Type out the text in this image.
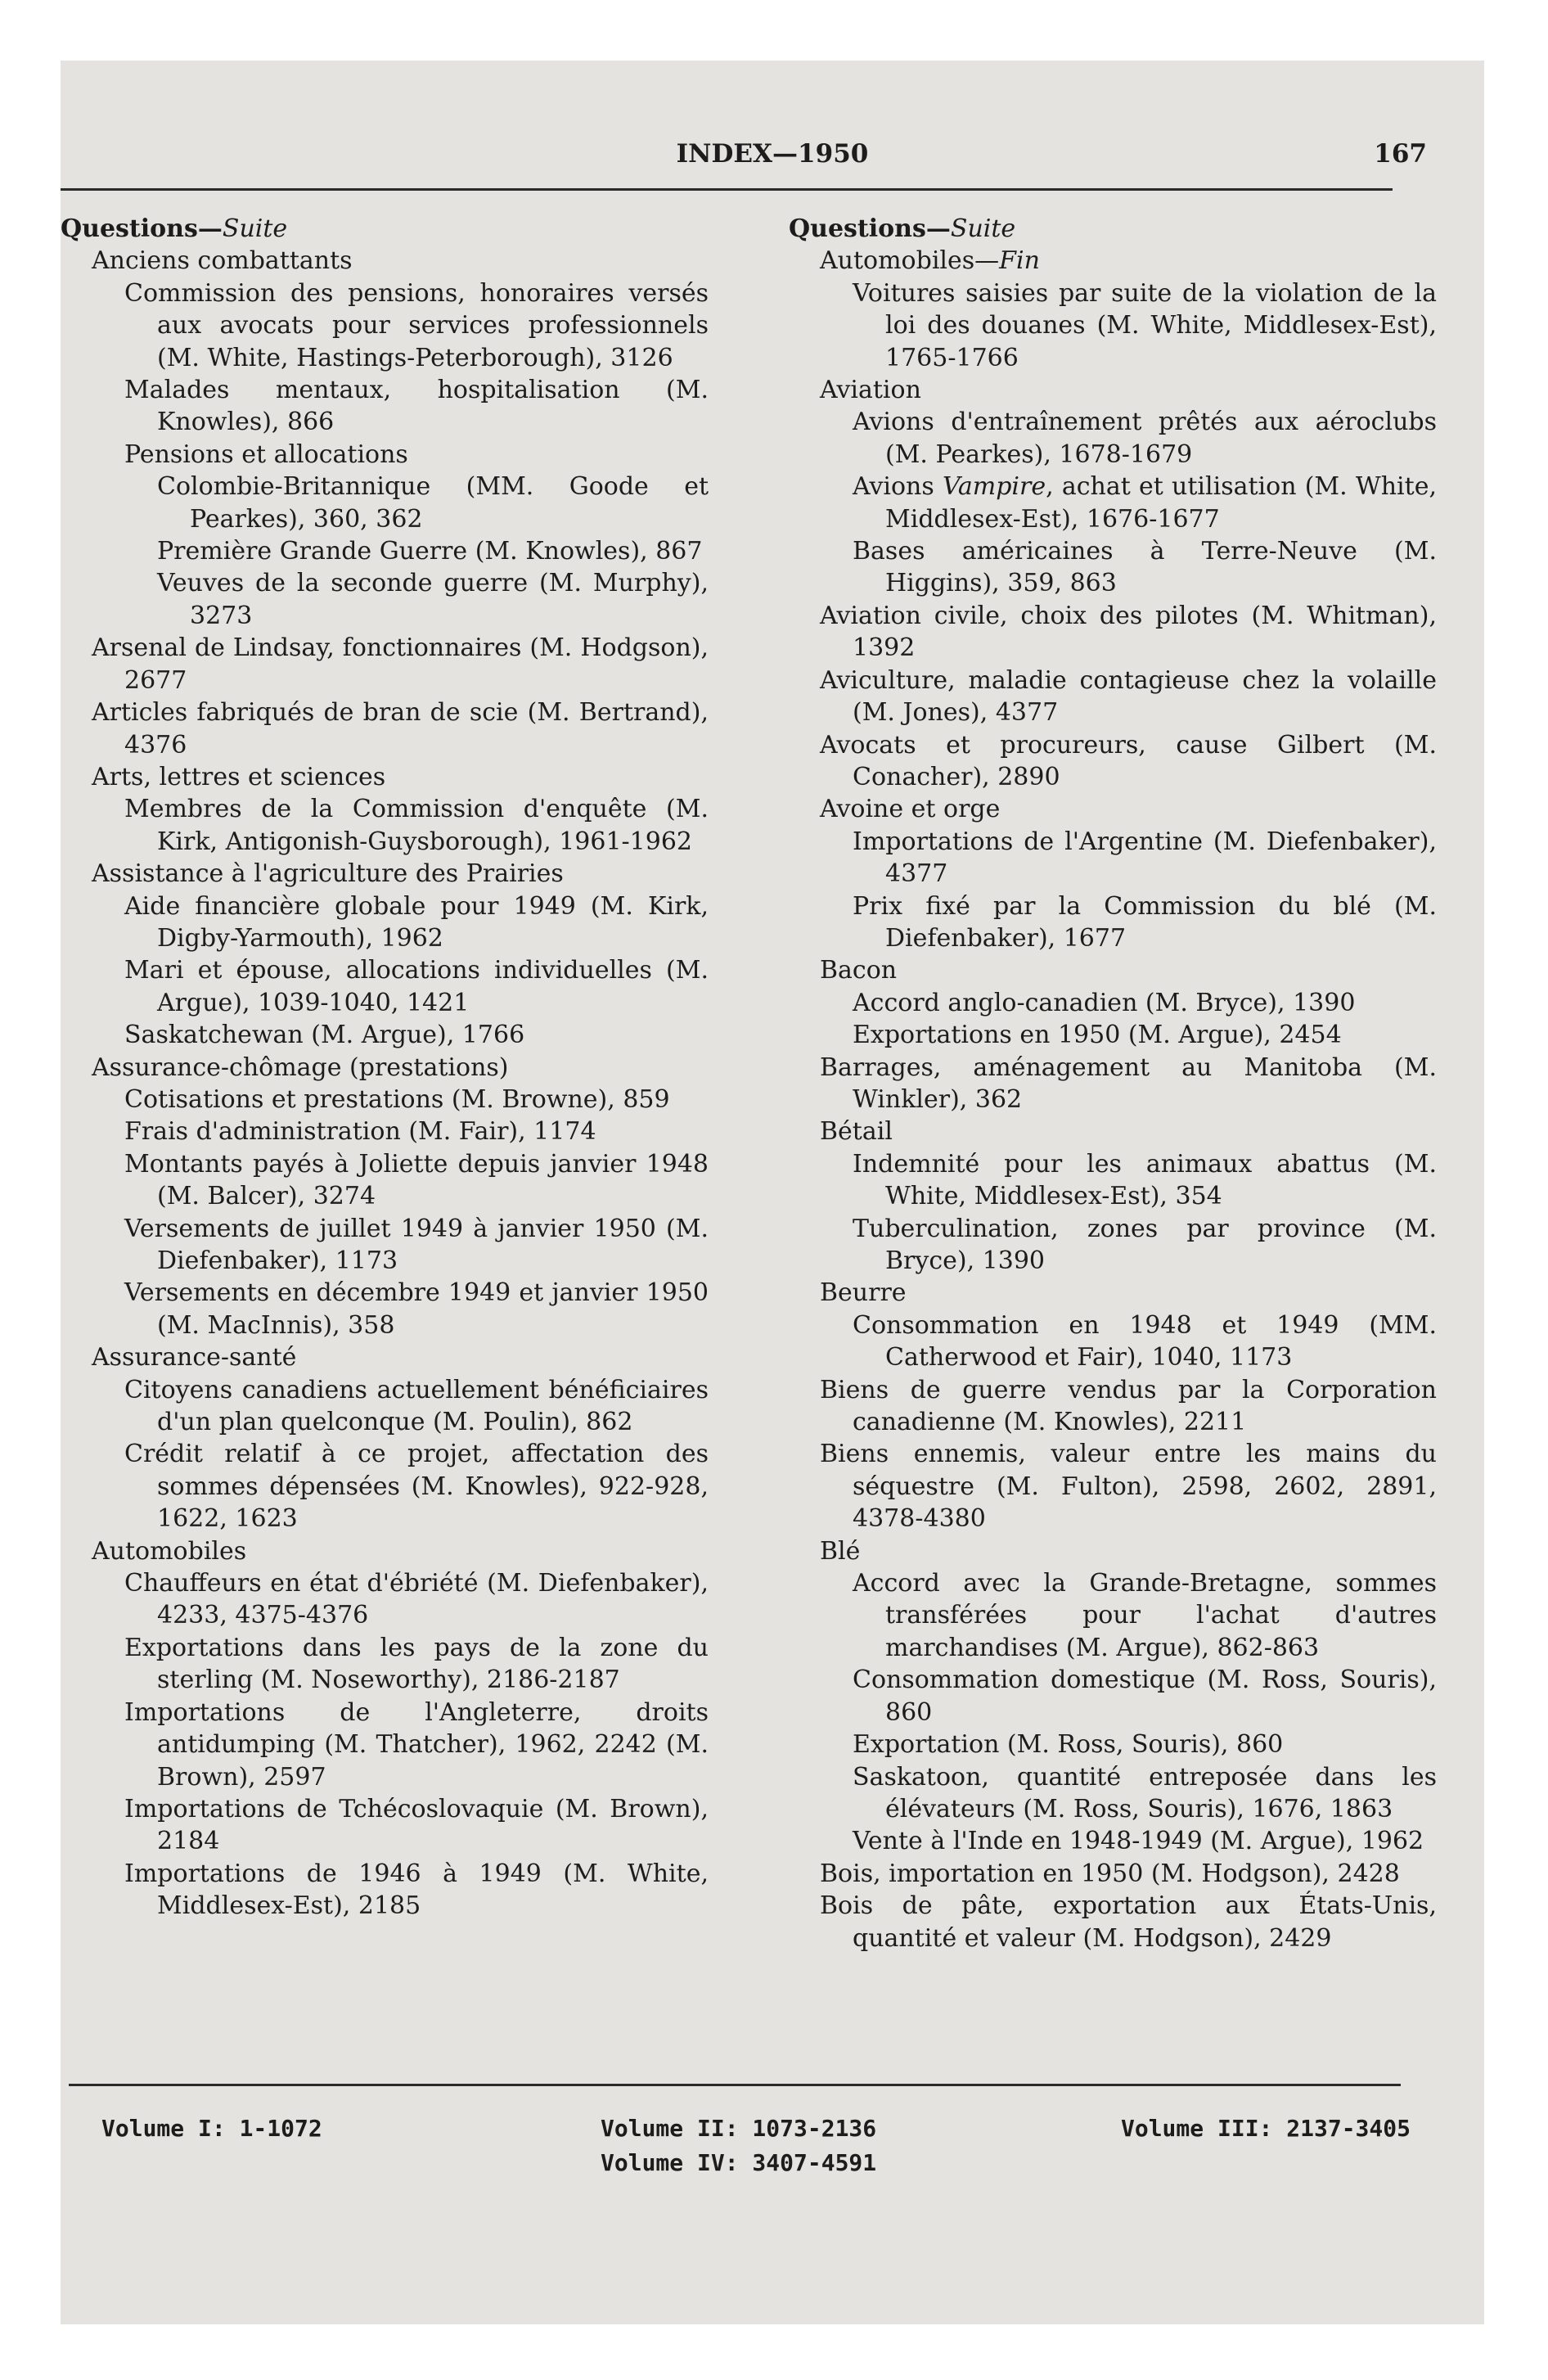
INDEX—1950	167
Questions—Suite
Anciens combattants
Commission des pensions, honoraires versés aux avocats pour services professionnels (M. White, Hastings-Peterborough), 3126
Malades mentaux, hospitalisation (M. Knowles), 866
Pensions et allocations
Colombie-Britannique (MM. Goode et Pearkes), 360, 362
Première Grande Guerre (M. Knowles), 867
Veuves de la seconde guerre (M. Murphy), 3273
Arsenal de Lindsay, fonctionnaires (M. Hodgson), 2677
Articles fabriqués de bran de scie (M. Bertrand), 4376
Arts, lettres et sciences
Membres de la Commission d'enquête (M. Kirk, Antigonish-Guysborough), 1961-1962
Assistance à l'agriculture des Prairies
Aide financière globale pour 1949 (M. Kirk, Digby-Yarmouth), 1962
Mari et épouse, allocations individuelles (M. Argue), 1039-1040, 1421
Saskatchewan (M. Argue), 1766
Assurance-chômage (prestations)
Cotisations et prestations (M. Browne), 859
Frais d'administration (M. Fair), 1174
Montants payés à Joliette depuis janvier 1948 (M. Balcer), 3274
Versements de juillet 1949 à janvier 1950 (M. Diefenbaker), 1173
Versements en décembre 1949 et janvier 1950 (M. MacInnis), 358
Assurance-santé
Citoyens canadiens actuellement bénéficiaires d'un plan quelconque (M. Poulin), 862
Crédit relatif à ce projet, affectation des sommes dépensées (M. Knowles), 922-928, 1622, 1623
Automobiles
Chauffeurs en état d'ébriété (M. Diefenbaker), 4233, 4375-4376
Exportations dans les pays de la zone du sterling (M. Noseworthy), 2186-2187
Importations de l'Angleterre, droits antidumping (M. Thatcher), 1962, 2242 (M. Brown), 2597
Importations de Tchécoslovaquie (M. Brown), 2184
Importations de 1946 à 1949 (M. White, Middlesex-Est), 2185
Questions—Suite
Automobiles—Fin
Voitures saisies par suite de la violation de la loi des douanes (M. White, Middlesex-Est), 1765-1766
Aviation
Avions d'entraînement prêtés aux aéroclubs (M. Pearkes), 1678-1679
Avions Vampire, achat et utilisation (M. White, Middlesex-Est), 1676-1677
Bases américaines à Terre-Neuve (M. Higgins), 359, 863
Aviation civile, choix des pilotes (M. Whitman), 1392
Aviculture, maladie contagieuse chez la volaille (M. Jones), 4377
Avocats et procureurs, cause Gilbert (M. Conacher), 2890
Avoine et orge
Importations de l'Argentine (M. Diefenbaker), 4377
Prix fixé par la Commission du blé (M. Diefenbaker), 1677
Bacon
Accord anglo-canadien (M. Bryce), 1390
Exportations en 1950 (M. Argue), 2454
Barrages, aménagement au Manitoba (M. Winkler), 362
Bétail
Indemnité pour les animaux abattus (M. White, Middlesex-Est), 354
Tuberculination, zones par province (M. Bryce), 1390
Beurre
Consommation en 1948 et 1949 (MM. Catherwood et Fair), 1040, 1173
Biens de guerre vendus par la Corporation canadienne (M. Knowles), 2211
Biens ennemis, valeur entre les mains du séquestre (M. Fulton), 2598, 2602, 2891, 4378-4380
Blé
Accord avec la Grande-Bretagne, sommes transférées pour l'achat d'autres marchandises (M. Argue), 862-863
Consommation domestique (M. Ross, Souris), 860
Exportation (M. Ross, Souris), 860
Saskatoon, quantité entreposée dans les élévateurs (M. Ross, Souris), 1676, 1863
Vente à l'Inde en 1948-1949 (M. Argue), 1962
Bois, importation en 1950 (M. Hodgson), 2428
Bois de pâte, exportation aux États-Unis, quantité et valeur (M. Hodgson), 2429
Volume I: 1-1072	Volume II: 1073-2136
Volume IV: 3407-4591
Volume III: 2137-3405
